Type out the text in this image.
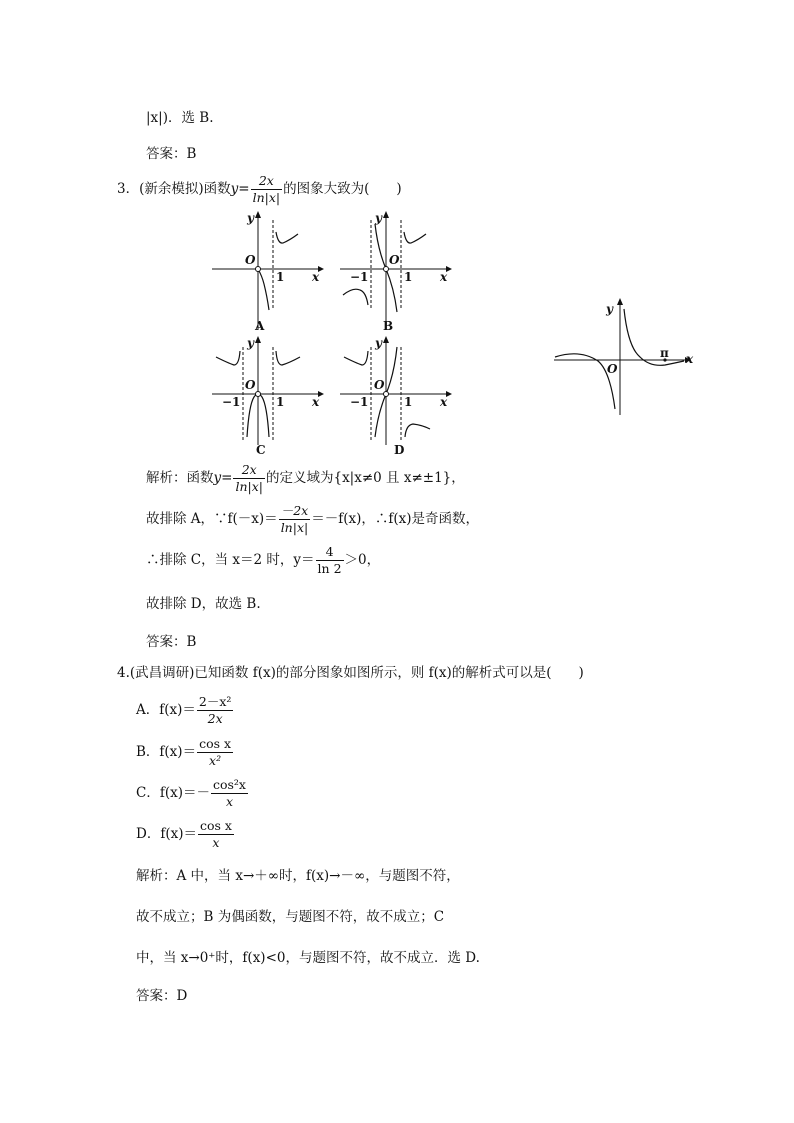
|x|)．选 B.
答案：B
3．(新余模拟)函数$y= \frac{2x}{\ln|x|}$ 的图象大致为(　　)
y
x
O
1
A
y
x
O
−1	1
B
y
x
O
−1	1
C
y
x
O
−1	1
D
y
x
O
π
解析：函数$y= \frac{2x}{\ln|x|}$ 的定义域为{x|x≠0 且 x≠±1}，
故排除 A，∵f(－x)＝ $\frac{-2x}{\ln|x|} =-f(x)$，∴f(x)是奇函数，
∴排除 C，当 x＝2 时，$y= \frac{4}{\ln 2} >0$，
故排除 D，故选 B.
答案：B
4.(武昌调研)已知函数 f(x)的部分图象如图所示，则 f(x)的解析式可以是(　　)
A．$f(x)= \frac{\text{2－x²}}{2x}$
B．$f(x)= \frac{\text{cos x}}{\text{x²}}$
C．$f(x)=- \frac{\text{cos²x}}{x}$
D．$f(x)= \frac{\text{cos x}}{x}$
解析：A 中，当 x→＋∞时，f(x)→－∞，与题图不符，
故不成立；B 为偶函数，与题图不符，故不成立；C
中，当 x→0⁺时，f(x)<0，与题图不符，故不成立．选 D.
答案：D
